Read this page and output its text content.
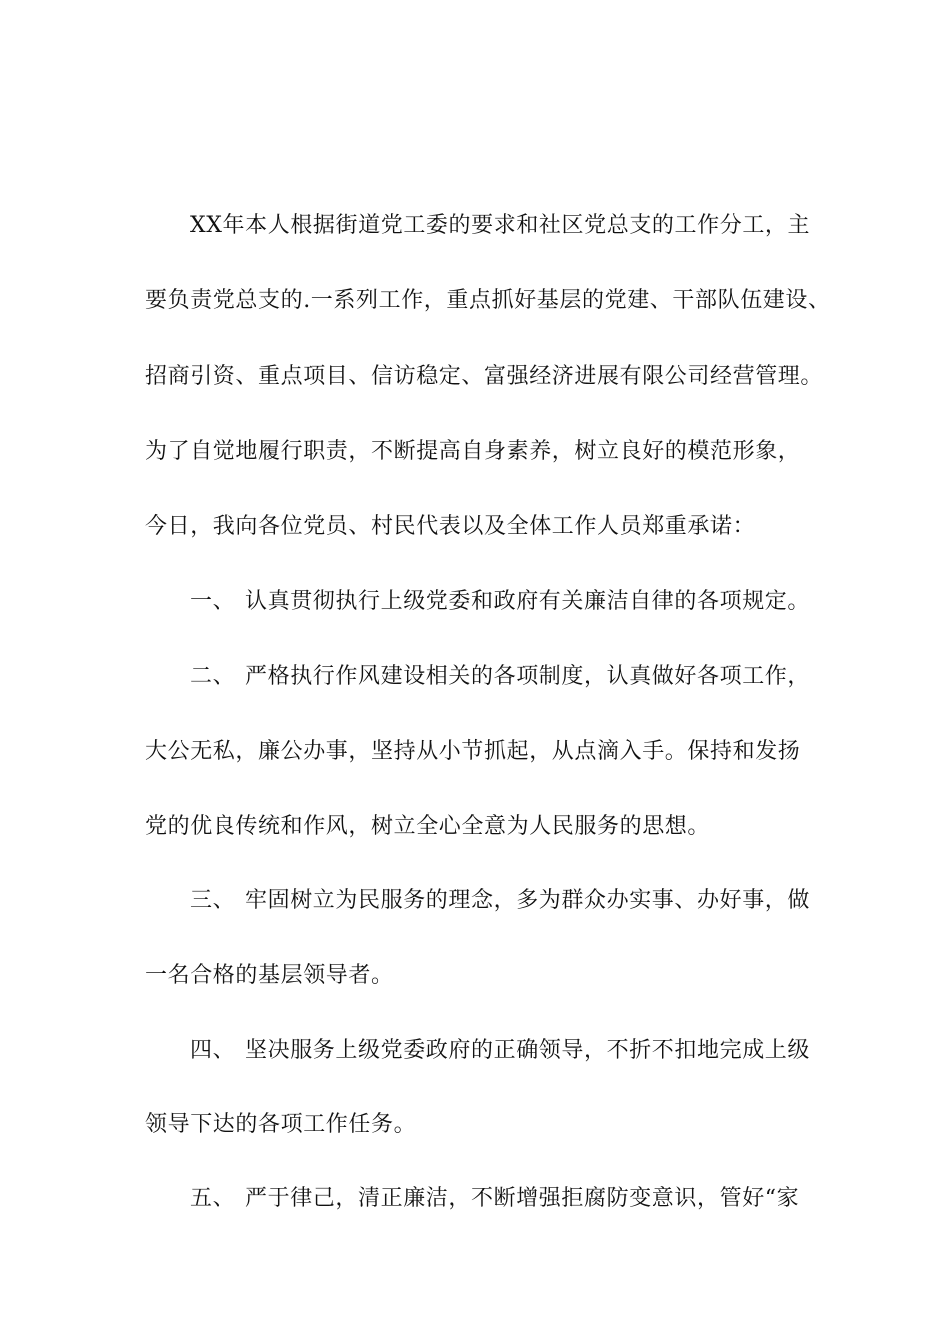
XX年本人根据街道党工委的要求和社区党总支的工作分工，主
要负责党总支的.一系列工作，重点抓好基层的党建、干部队伍建设、
招商引资、重点项目、信访稳定、富强经济进展有限公司经营管理。
为了自觉地履行职责，不断提高自身素养，树立良好的模范形象，
今日，我向各位党员、村民代表以及全体工作人员郑重承诺：
一、 认真贯彻执行上级党委和政府有关廉洁自律的各项规定。
二、 严格执行作风建设相关的各项制度，认真做好各项工作，
大公无私，廉公办事，坚持从小节抓起，从点滴入手。保持和发扬
党的优良传统和作风，树立全心全意为人民服务的思想。
三、 牢固树立为民服务的理念，多为群众办实事、办好事，做
一名合格的基层领导者。
四、 坚决服务上级党委政府的正确领导，不折不扣地完成上级
领导下达的各项工作任务。
五、 严于律己，清正廉洁，不断增强拒腐防变意识，管好“家
